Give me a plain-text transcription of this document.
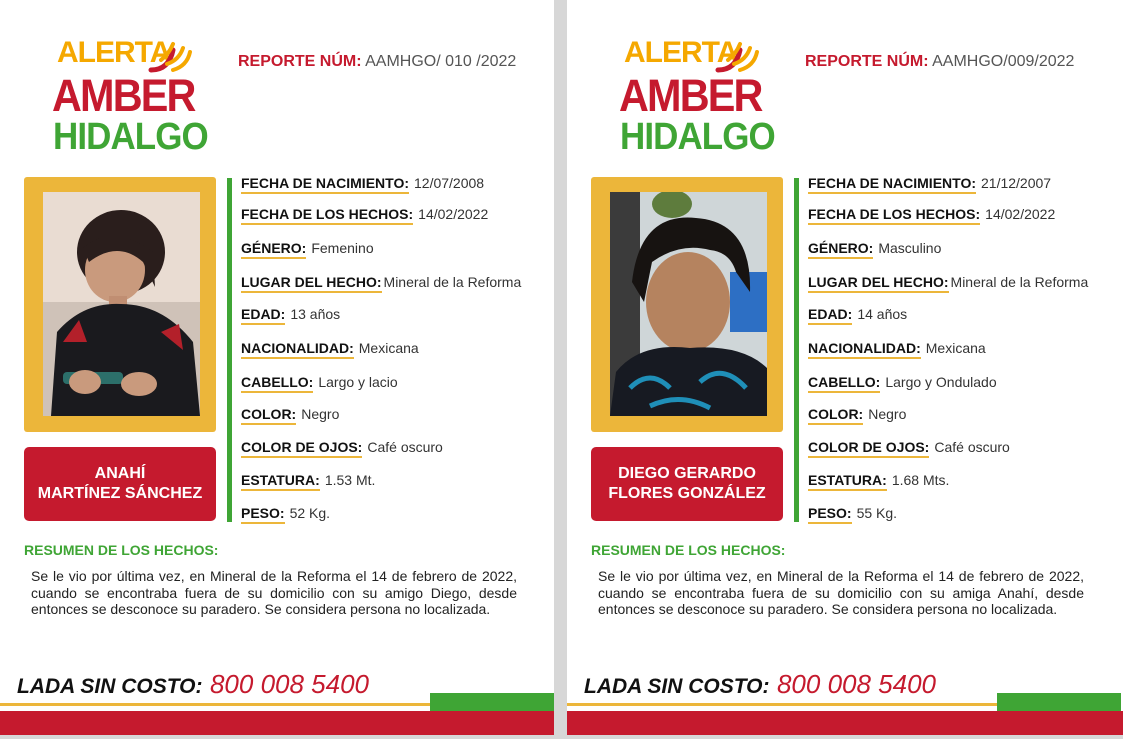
ALERTA
AMBER
HIDALGO
REPORTE NÚM: AAMHGO/ 010 /2022
ANAHÍ
MARTÍNEZ SÁNCHEZ
FECHA DE NACIMIENTO: 12/07/2008
FECHA DE LOS HECHOS: 14/02/2022
GÉNERO: Femenino
LUGAR DEL HECHO: Mineral de la Reforma
EDAD: 13 años
NACIONALIDAD: Mexicana
CABELLO: Largo y lacio
COLOR: Negro
COLOR DE OJOS: Café oscuro
ESTATURA: 1.53 Mt.
PESO: 52 Kg.
RESUMEN DE LOS HECHOS:
Se le vio por última vez, en Mineral de la Reforma el 14 de febrero de 2022, cuando se encontraba fuera de su domicilio con su amigo Diego, desde entonces se desconoce su paradero. Se considera persona no localizada.
LADA SIN COSTO: 800 008 5400
ALERTA
AMBER
HIDALGO
REPORTE NÚM: AAMHGO/009/2022
DIEGO GERARDO
FLORES GONZÁLEZ
FECHA DE NACIMIENTO: 21/12/2007
FECHA DE LOS HECHOS: 14/02/2022
GÉNERO: Masculino
LUGAR DEL HECHO: Mineral de la Reforma
EDAD: 14 años
NACIONALIDAD: Mexicana
CABELLO: Largo y Ondulado
COLOR: Negro
COLOR DE OJOS: Café oscuro
ESTATURA: 1.68 Mts.
PESO: 55 Kg.
RESUMEN DE LOS HECHOS:
Se le vio por última vez, en Mineral de la Reforma el 14 de febrero de 2022, cuando se encontraba fuera de su domicilio con su amiga Anahí, desde entonces se desconoce su paradero. Se considera persona no localizada.
LADA SIN COSTO: 800 008 5400
